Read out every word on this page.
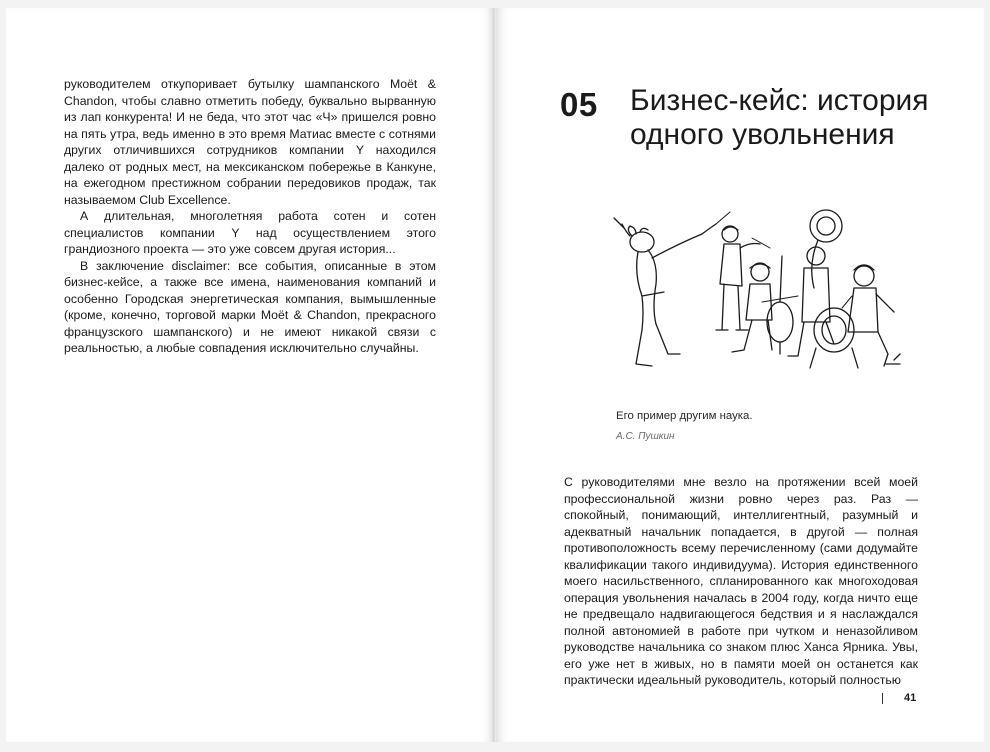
руководителем откупоривает бутылку шампанского Moët & Chandon, чтобы славно отметить победу, буквально вырванную из лап конкурента! И не беда, что этот час «Ч» пришелся ровно на пять утра, ведь именно в это время Матиас вместе с сотнями других отличившихся сотрудников компании Y находился далеко от родных мест, на мексиканском побережье в Канкуне, на ежегодном престижном собрании передовиков продаж, так называемом Club Excellence.

А длительная, многолетняя работа сотен и сотен специалистов компании Y над осуществлением этого грандиозного проекта — это уже совсем другая история...

В заключение disclaimer: все события, описанные в этом бизнес-кейсе, а также все имена, наименования компаний и особенно Городская энергетическая компания, вымышленные (кроме, конечно, торговой марки Moët & Chandon, прекрасного французского шампанского) и не имеют никакой связи с реальностью, а любые совпадения исключительно случайны.

05 Бизнес-кейс: история одного увольнения
Его пример другим наука.
А.С. Пушкин

С руководителями мне везло на протяжении всей моей профессиональной жизни ровно через раз. Раз — спокойный, понимающий, интеллигентный, разумный и адекватный начальник попадается, в другой — полная противоположность всему перечисленному (сами додумайте квалификации такого индивидуума). История единственного моего насильственного, спланированного как многоходовая операция увольнения началась в 2004 году, когда ничто еще не предвещало надвигающегося бедствия и я наслаждался полной автономией в работе при чутком и неназойливом руководстве начальника со знаком плюс Ханса Ярника. Увы, его уже нет в живых, но в памяти моей он останется как практически идеальный руководитель, который полностью

41
